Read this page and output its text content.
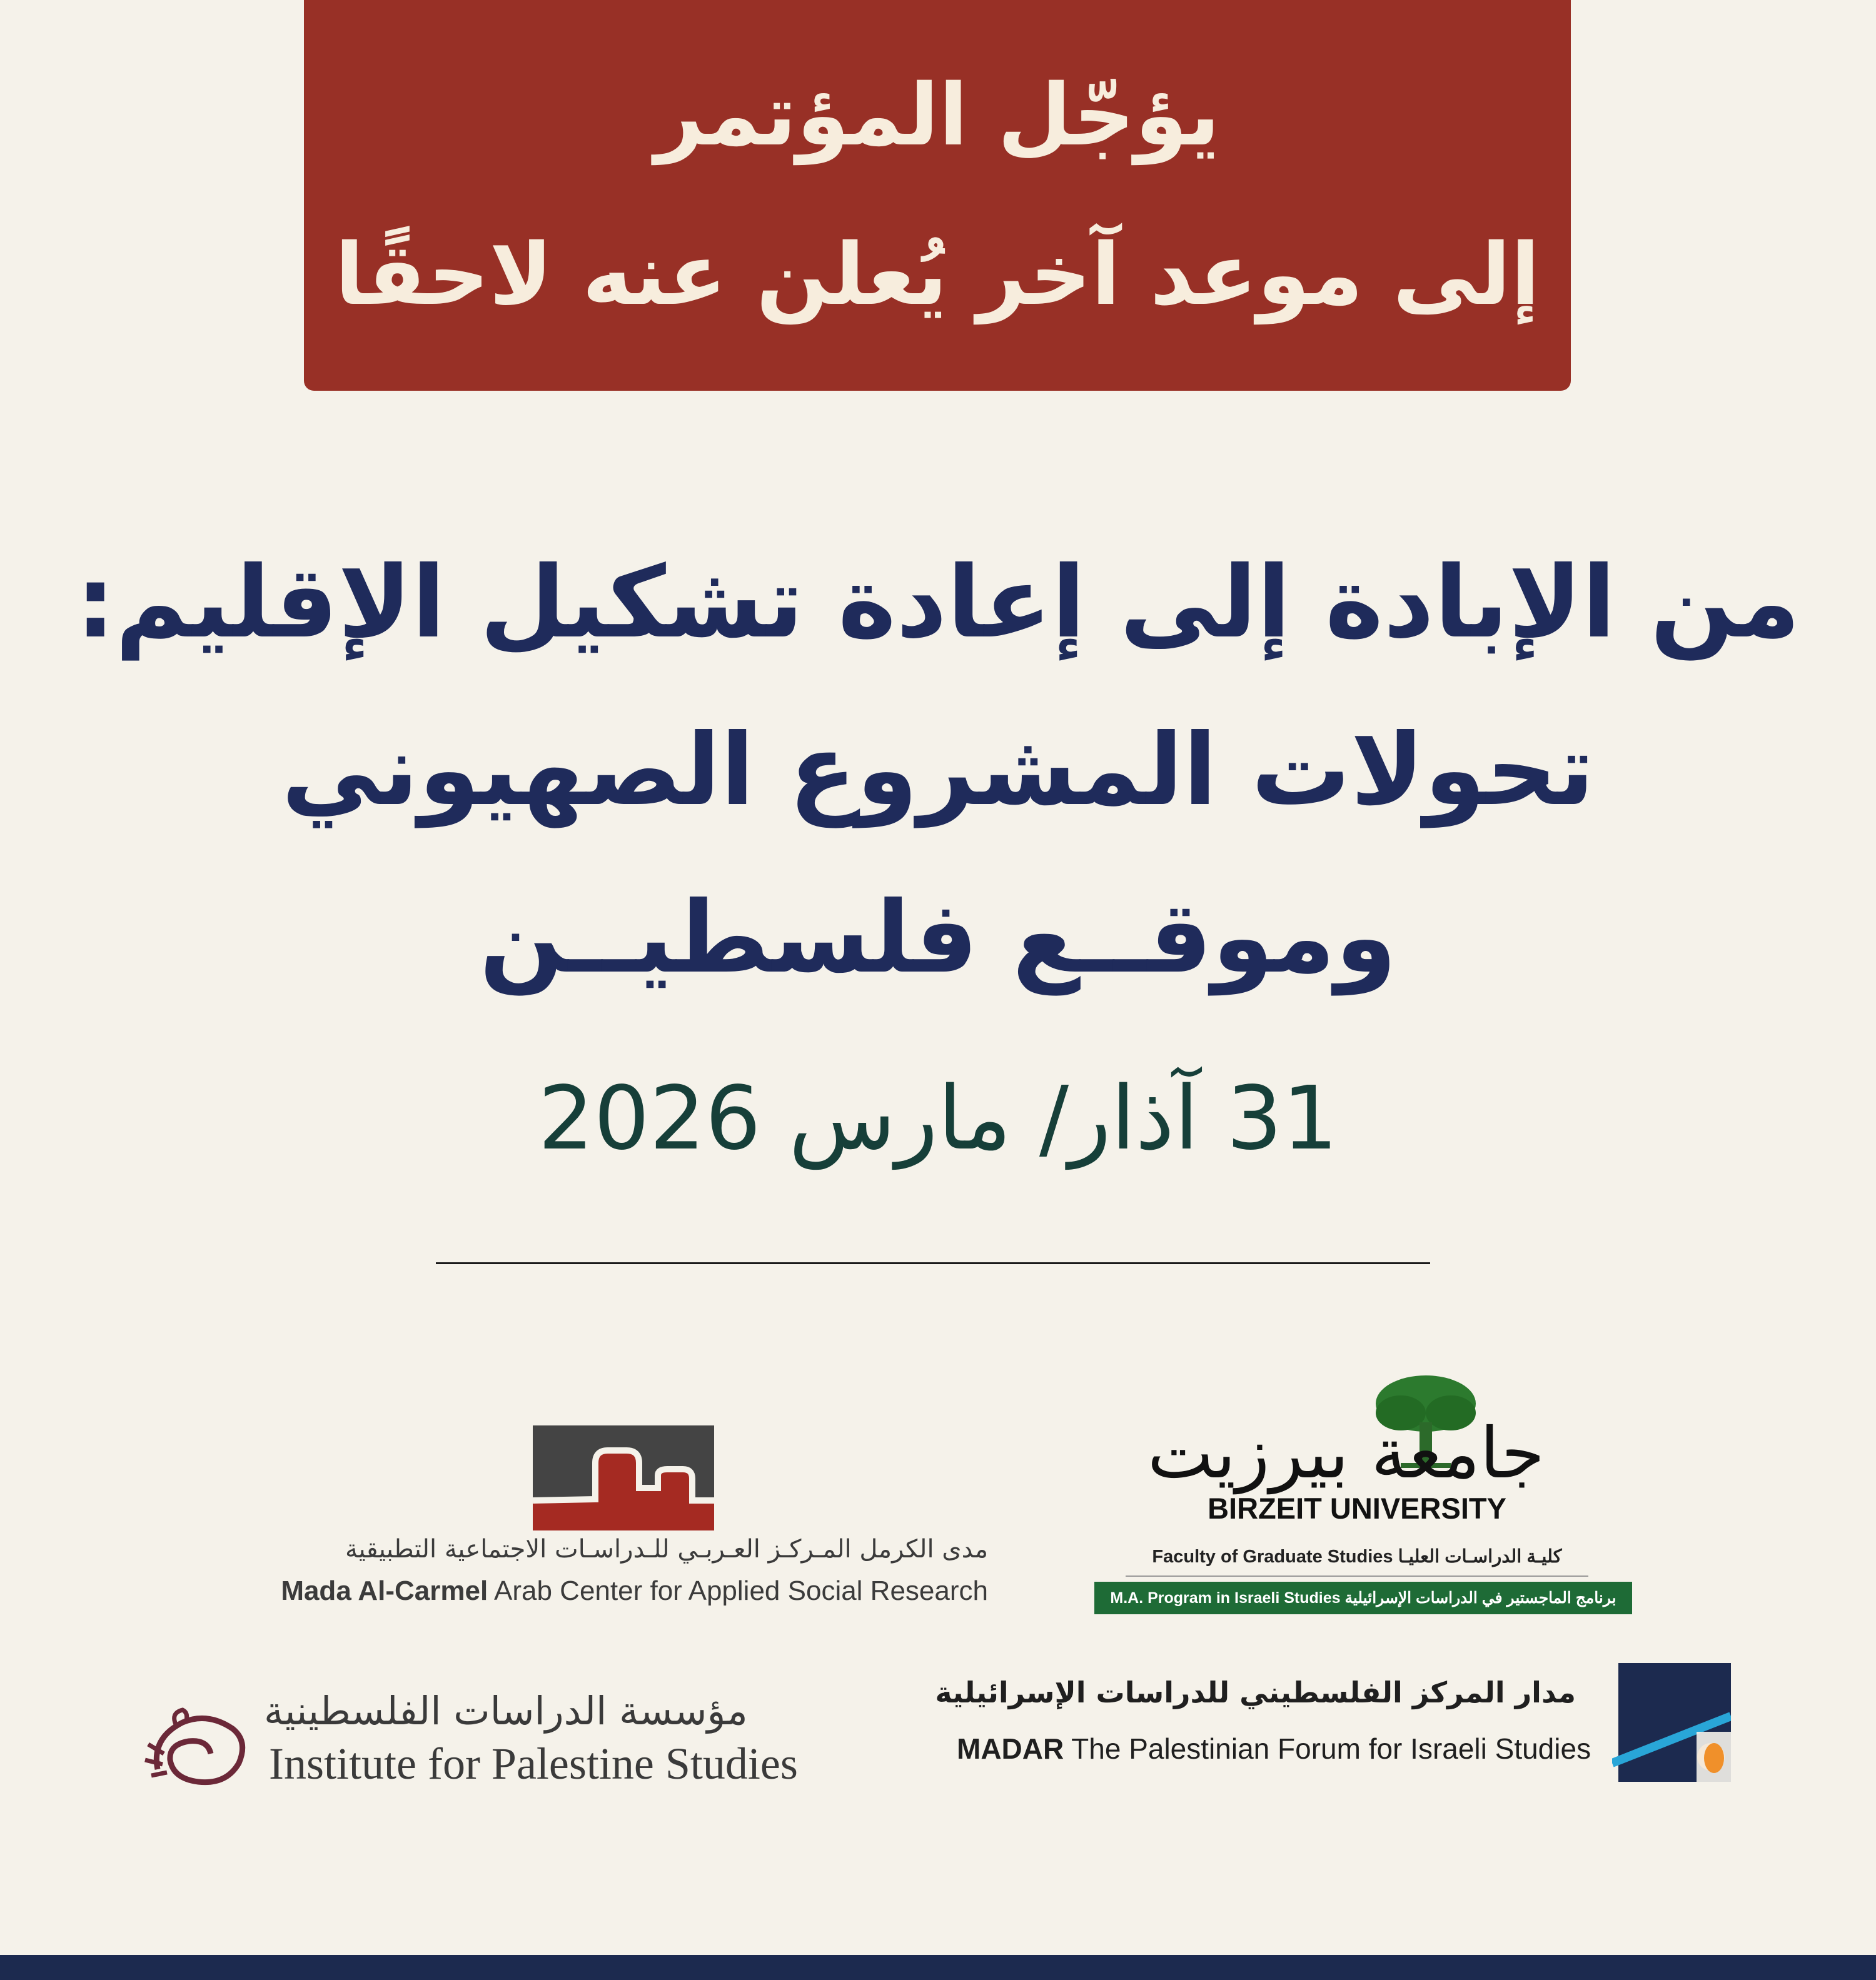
يؤجّل المؤتمر
إلى موعد آخر يُعلن عنه لاحقًا
من الإبادة إلى إعادة تشكيل الإقليم:
تحولات المشروع الصهيوني
وموقــع فلسطيــن
31 آذار/ مارس 2026
جامعة بيرزيت
BIRZEIT UNIVERSITY
Faculty of Graduate Studies كليـة الدراسـات العليـا
M.A. Program in Israeli Studies برنامج الماجستير في الدراسات الإسرائيلية
مدى الكرمل المـركـز العـربـي للـدراسـات الاجتماعية التطبيقية
Mada Al-Carmel Arab Center for Applied Social Research
مؤسسة الدراسات الفلسطينية
Institute for Palestine Studies
مدار المركز الفلسطيني للدراسات الإسرائيلية
MADAR The Palestinian Forum for Israeli Studies
